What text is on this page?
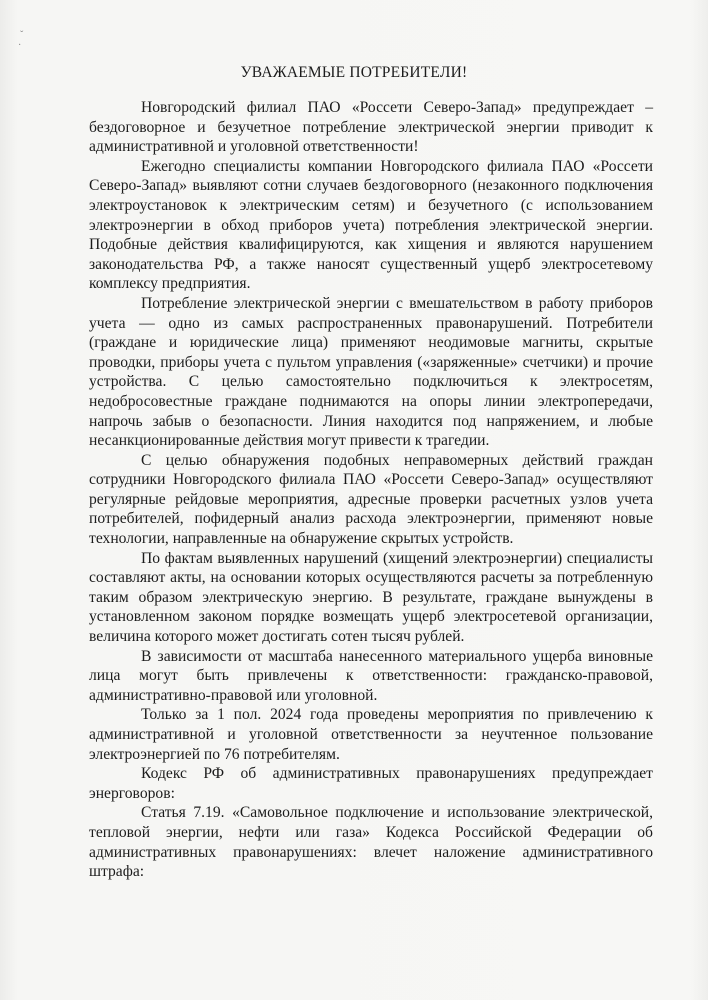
ˇ
·
УВАЖАЕМЫЕ ПОТРЕБИТЕЛИ!

Новгородский филиал ПАО «Россети Северо-Запад» предупреждает – бездоговорное и безучетное потребление электрической энергии приводит к административной и уголовной ответственности!

Ежегодно специалисты компании Новгородского филиала ПАО «Россети Северо-Запад» выявляют сотни случаев бездоговорного (незаконного подключения электроустановок к электрическим сетям) и безучетного (с использованием электроэнергии в обход приборов учета) потребления электрической энергии. Подобные действия квалифицируются, как хищения и являются нарушением законодательства РФ, а также наносят существенный ущерб электросетевому комплексу предприятия.

Потребление электрической энергии с вмешательством в работу приборов учета — одно из самых распространенных правонарушений. Потребители (граждане и юридические лица) применяют неодимовые магниты, скрытые проводки, приборы учета с пультом управления («заряженные» счетчики) и прочие устройства. С целью самостоятельно подключиться к электросетям, недобросовестные граждане поднимаются на опоры линии электропередачи, напрочь забыв о безопасности. Линия находится под напряжением, и любые несанкционированные действия могут привести к трагедии.

С целью обнаружения подобных неправомерных действий граждан сотрудники Новгородского филиала ПАО «Россети Северо-Запад» осуществляют регулярные рейдовые мероприятия, адресные проверки расчетных узлов учета потребителей, пофидерный анализ расхода электроэнергии, применяют новые технологии, направленные на обнаружение скрытых устройств.

По фактам выявленных нарушений (хищений электроэнергии) специалисты составляют акты, на основании которых осуществляются расчеты за потребленную таким образом электрическую энергию. В результате, граждане вынуждены в установленном законом порядке возмещать ущерб электросетевой организации, величина которого может достигать сотен тысяч рублей.

В зависимости от масштаба нанесенного материального ущерба виновные лица могут быть привлечены к ответственности: гражданско-правовой, административно-правовой или уголовной.

Только за 1 пол. 2024 года проведены мероприятия по привлечению к административной и уголовной ответственности за неучтенное пользование электроэнергией по 76 потребителям.

Кодекс РФ об административных правонарушениях предупреждает энерговоров:

Статья 7.19. «Самовольное подключение и использование электрической, тепловой энергии, нефти или газа» Кодекса Российской Федерации об административных правонарушениях: влечет наложение административного штрафа:
